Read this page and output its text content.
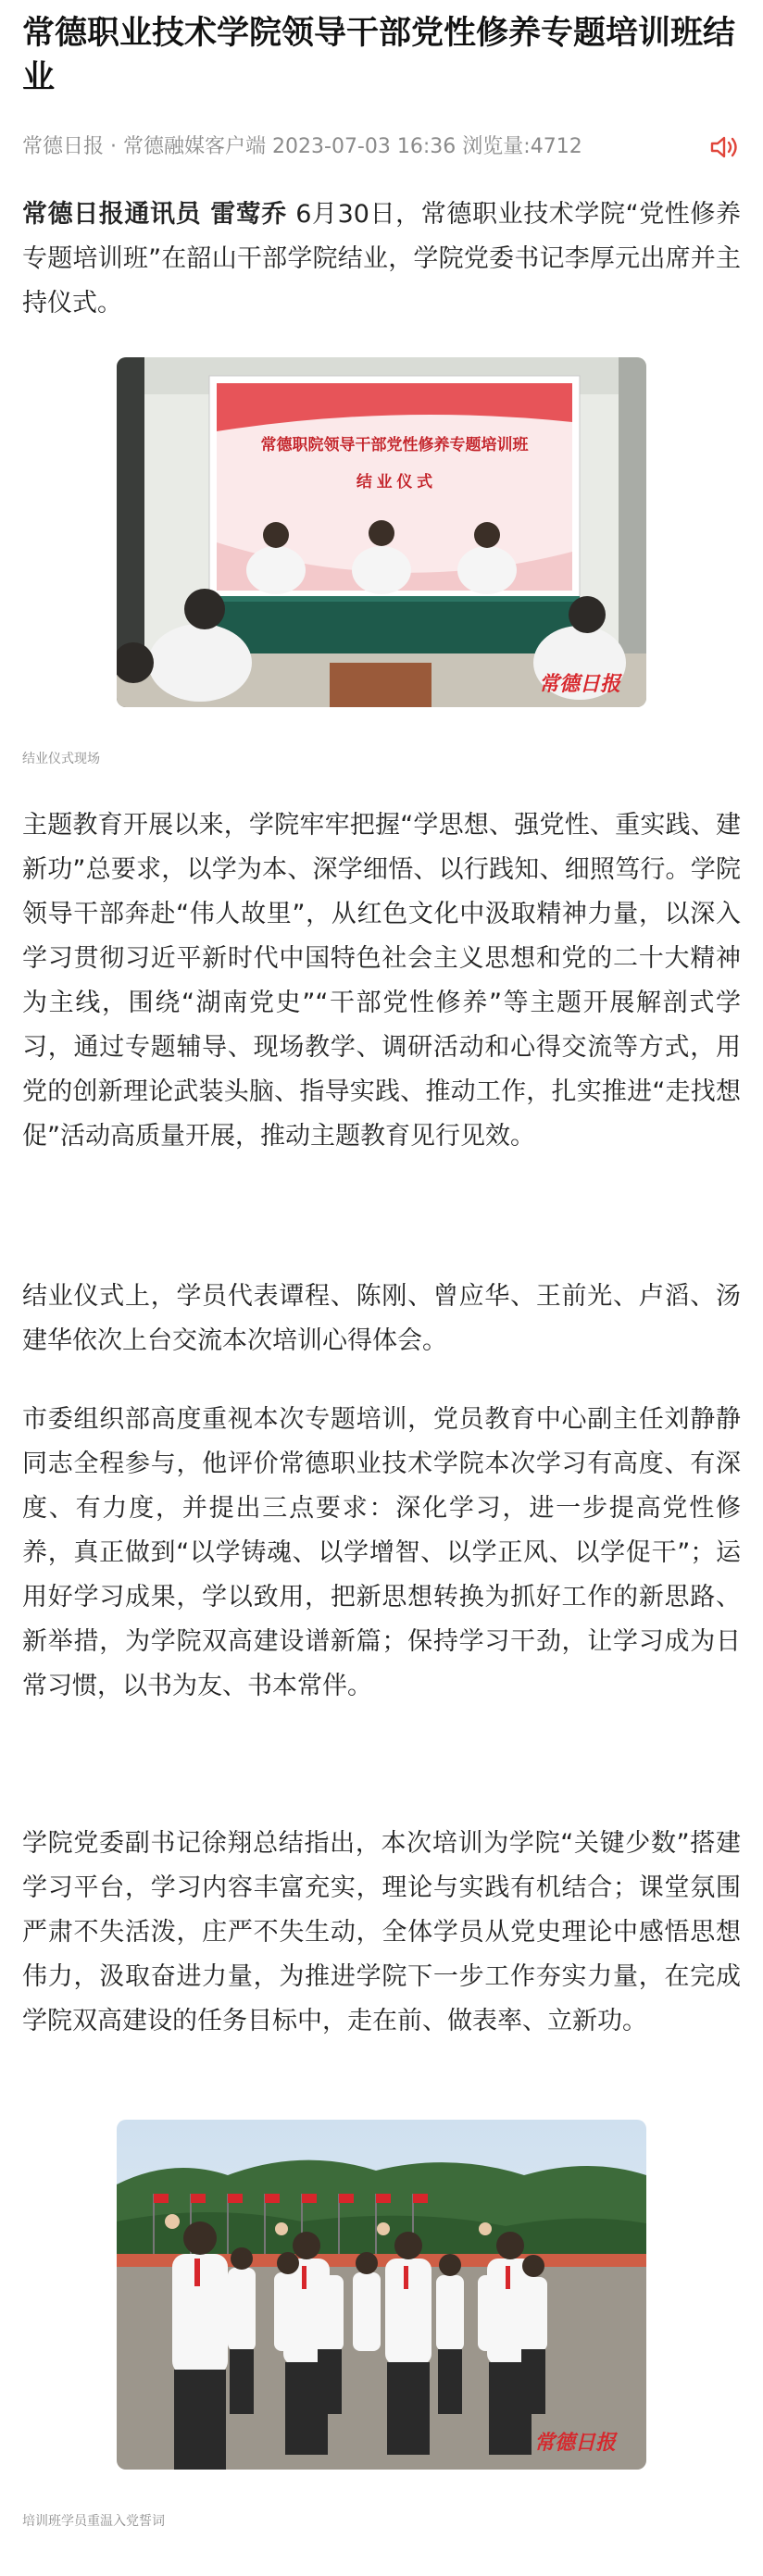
常德职业技术学院领导干部党性修养专题培训班结业
常德日报 · 常德融媒客户端 2023-07-03 16:36 浏览量:4712

常德日报通讯员 雷莺乔 6月30日，常德职业技术学院“党性修养专题培训班”在韶山干部学院结业，学院党委书记李厚元出席并主持仪式。

常德职院领导干部党性修养专题培训班
结 业 仪 式
常德日报
结业仪式现场

主题教育开展以来，学院牢牢把握“学思想、强党性、重实践、建新功”总要求，以学为本、深学细悟、以行践知、细照笃行。学院领导干部奔赴“伟人故里”，从红色文化中汲取精神力量，以深入学习贯彻习近平新时代中国特色社会主义思想和党的二十大精神为主线，围绕“湖南党史”“干部党性修养”等主题开展解剖式学习，通过专题辅导、现场教学、调研活动和心得交流等方式，用党的创新理论武装头脑、指导实践、推动工作，扎实推进“走找想促”活动高质量开展，推动主题教育见行见效。

结业仪式上，学员代表谭程、陈刚、曾应华、王前光、卢滔、汤建华依次上台交流本次培训心得体会。

市委组织部高度重视本次专题培训，党员教育中心副主任刘静静同志全程参与，他评价常德职业技术学院本次学习有高度、有深度、有力度，并提出三点要求：深化学习，进一步提高党性修养，真正做到“以学铸魂、以学增智、以学正风、以学促干”；运用好学习成果，学以致用，把新思想转换为抓好工作的新思路、新举措，为学院双高建设谱新篇；保持学习干劲，让学习成为日常习惯，以书为友、书本常伴。

学院党委副书记徐翔总结指出，本次培训为学院“关键少数”搭建学习平台，学习内容丰富充实，理论与实践有机结合；课堂氛围严肃不失活泼，庄严不失生动，全体学员从党史理论中感悟思想伟力，汲取奋进力量，为推进学院下一步工作夯实力量，在完成学院双高建设的任务目标中，走在前、做表率、立新功。

常德日报
培训班学员重温入党誓词
